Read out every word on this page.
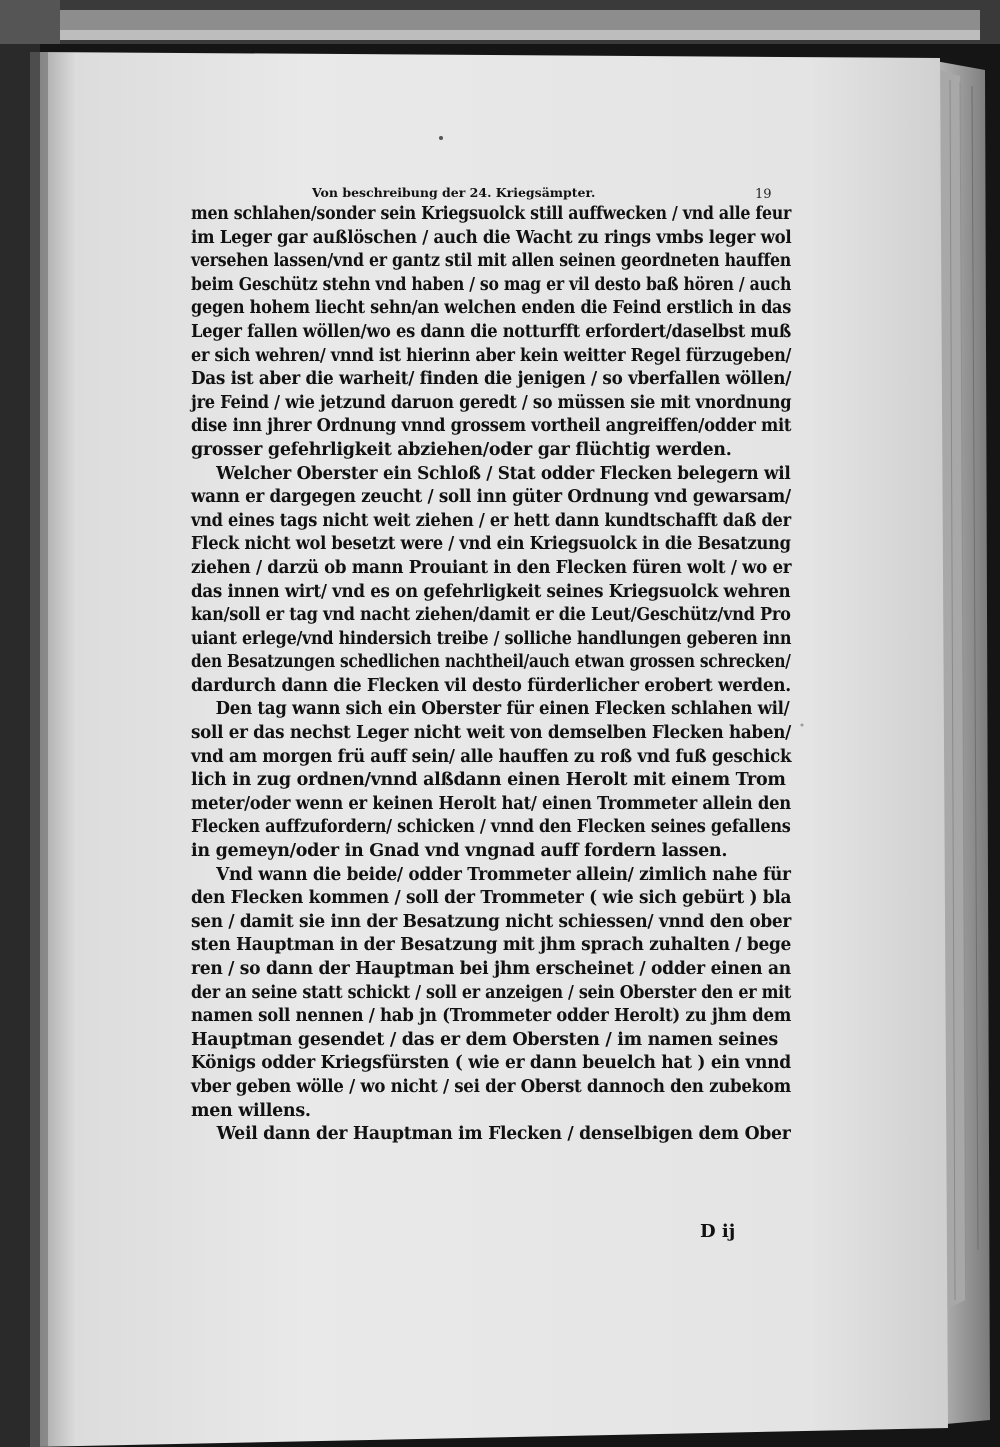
Von beschreibung der 24. Kriegsämpter.	19
men schlahen/sonder sein Kriegsuolck still auffwecken / vnd alle feur
im Leger gar außlöschen / auch die Wacht zu rings vmbs leger wol
versehen lassen/vnd er gantz stil mit allen seinen geordneten hauffen
beim Geschütz stehn vnd haben / so mag er vil desto baß hören / auch
gegen hohem liecht sehn/an welchen enden die Feind erstlich in das
Leger fallen wöllen/wo es dann die notturfft erfordert/daselbst muß
er sich wehren/ vnnd ist hierinn aber kein weitter Regel fürzugeben/
Das ist aber die warheit/ finden die jenigen / so vberfallen wöllen/
jre Feind / wie jetzund daruon geredt / so müssen sie mit vnordnung
dise inn jhrer Ordnung vnnd grossem vortheil angreiffen/odder mit
grosser gefehrligkeit abziehen/oder gar flüchtig werden.
Welcher Oberster ein Schloß / Stat odder Flecken belegern wil
wann er dargegen zeucht / soll inn güter Ordnung vnd gewarsam/
vnd eines tags nicht weit ziehen / er hett dann kundtschafft daß der
Fleck nicht wol besetzt were / vnd ein Kriegsuolck in die Besatzung
ziehen / darzü ob mann Prouiant in den Flecken füren wolt / wo er
das innen wirt/ vnd es on gefehrligkeit seines Kriegsuolck wehren
kan/soll er tag vnd nacht ziehen/damit er die Leut/Geschütz/vnd Pro
uiant erlege/vnd hindersich treibe / solliche handlungen geberen inn
den Besatzungen schedlichen nachtheil/auch etwan grossen schrecken/
dardurch dann die Flecken vil desto fürderlicher erobert werden.
Den tag wann sich ein Oberster für einen Flecken schlahen wil/
soll er das nechst Leger nicht weit von demselben Flecken haben/
vnd am morgen frü auff sein/ alle hauffen zu roß vnd fuß geschick
lich in zug ordnen/vnnd alßdann einen Herolt mit einem Trom
meter/oder wenn er keinen Herolt hat/ einen Trommeter allein den
Flecken auffzufordern/ schicken / vnnd den Flecken seines gefallens
in gemeyn/oder in Gnad vnd vngnad auff fordern lassen.
Vnd wann die beide/ odder Trommeter allein/ zimlich nahe für
den Flecken kommen / soll der Trommeter ( wie sich gebürt ) bla
sen / damit sie inn der Besatzung nicht schiessen/ vnnd den ober
sten Hauptman in der Besatzung mit jhm sprach zuhalten / bege
ren / so dann der Hauptman bei jhm erscheinet / odder einen an
der an seine statt schickt / soll er anzeigen / sein Oberster den er mit
namen soll nennen / hab jn (Trommeter odder Herolt) zu jhm dem
Hauptman gesendet / das er dem Obersten / im namen seines
Königs odder Kriegsfürsten ( wie er dann beuelch hat ) ein vnnd
vber geben wölle / wo nicht / sei der Oberst dannoch den zubekom
men willens.
Weil dann der Hauptman im Flecken / denselbigen dem Ober
D ij
